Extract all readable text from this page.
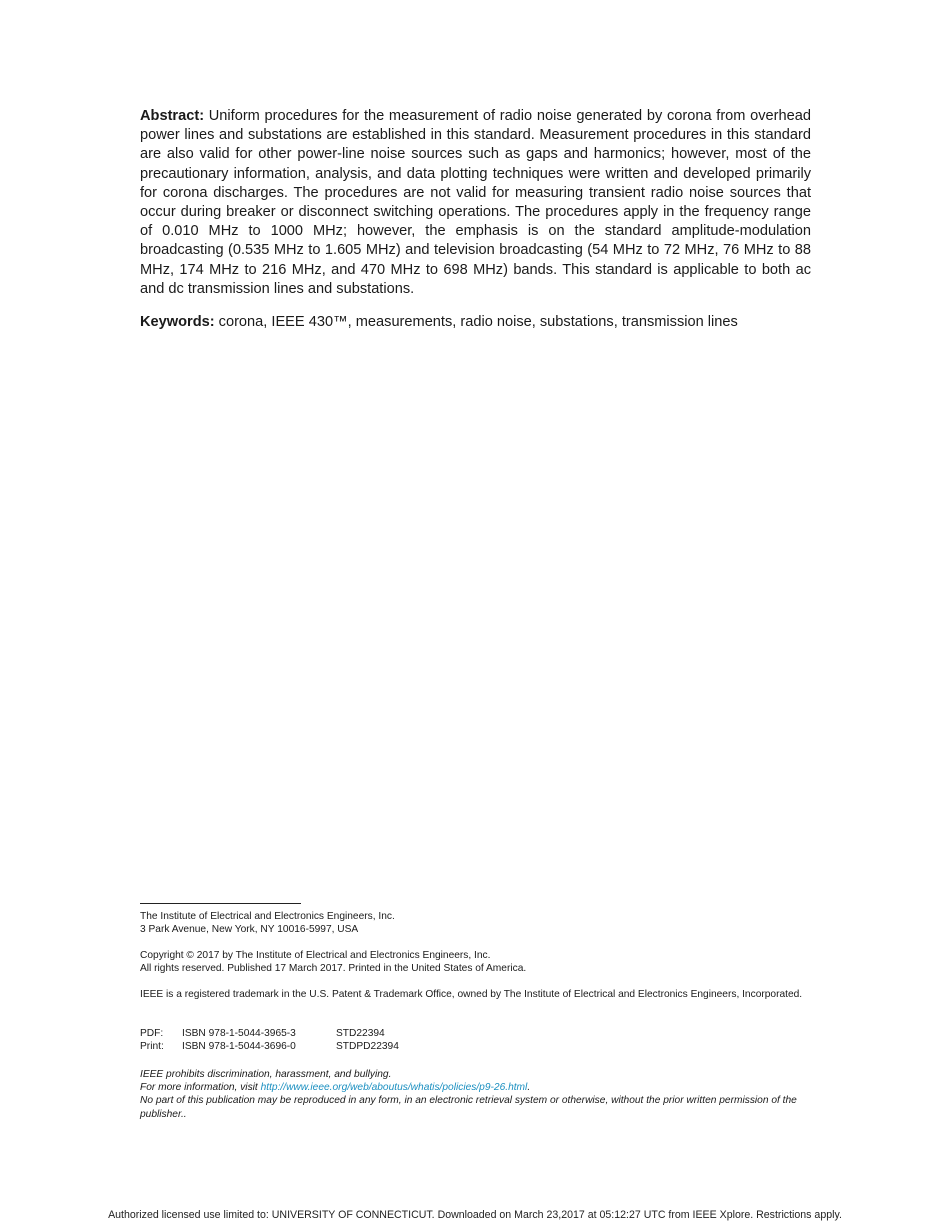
Abstract: Uniform procedures for the measurement of radio noise generated by corona from overhead power lines and substations are established in this standard. Measurement procedures in this standard are also valid for other power-line noise sources such as gaps and harmonics; however, most of the precautionary information, analysis, and data plotting techniques were written and developed primarily for corona discharges. The procedures are not valid for measuring transient radio noise sources that occur during breaker or disconnect switching operations. The procedures apply in the frequency range of 0.010 MHz to 1000 MHz; however, the emphasis is on the standard amplitude-modulation broadcasting (0.535 MHz to 1.605 MHz) and television broadcasting (54 MHz to 72 MHz, 76 MHz to 88 MHz, 174 MHz to 216 MHz, and 470 MHz to 698 MHz) bands. This standard is applicable to both ac and dc transmission lines and substations.

Keywords: corona, IEEE 430™, measurements, radio noise, substations, transmission lines

The Institute of Electrical and Electronics Engineers, Inc.
3 Park Avenue, New York, NY 10016-5997, USA
Copyright © 2017 by The Institute of Electrical and Electronics Engineers, Inc.
All rights reserved. Published 17 March 2017. Printed in the United States of America.
IEEE is a registered trademark in the U.S. Patent & Trademark Office, owned by The Institute of Electrical and Electronics Engineers, Incorporated.
PDF:	ISBN 978-1-5044-3965-3	STD22394
Print:	ISBN 978-1-5044-3696-0	STDPD22394
IEEE prohibits discrimination, harassment, and bullying.
For more information, visit http://www.ieee.org/web/aboutus/whatis/policies/p9-26.html.
No part of this publication may be reproduced in any form, in an electronic retrieval system or otherwise, without the prior written permission of the publisher..
Authorized licensed use limited to: UNIVERSITY OF CONNECTICUT. Downloaded on March 23,2017 at 05:12:27 UTC from IEEE Xplore. Restrictions apply.
